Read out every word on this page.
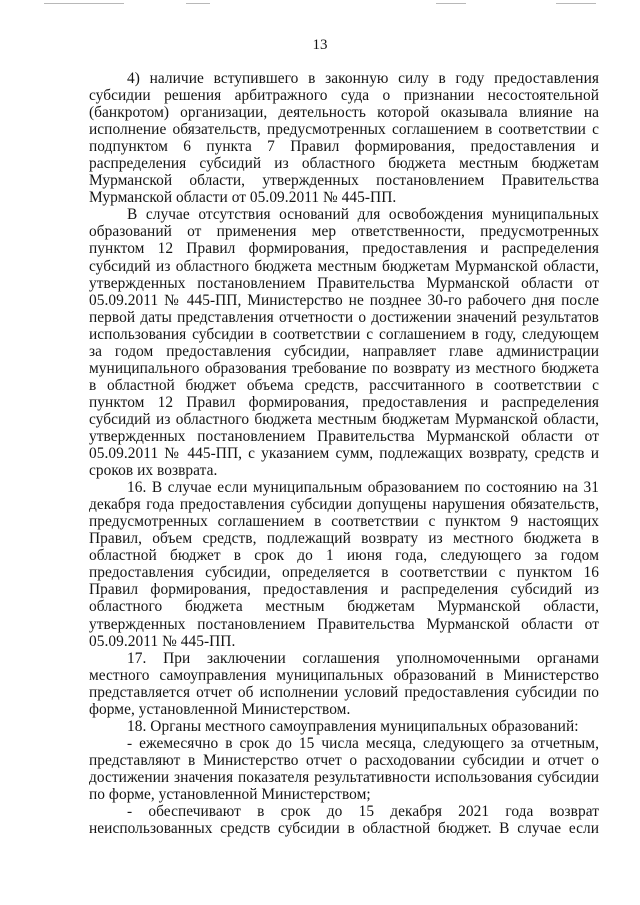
13

4) наличие вступившего в законную силу в году предоставления субсидии решения арбитражного суда о признании несостоятельной (банкротом) организации, деятельность которой оказывала влияние на исполнение обязательств, предусмотренных соглашением в соответствии с подпунктом 6 пункта 7 Правил формирования, предоставления и распределения субсидий из областного бюджета местным бюджетам Мурманской области, утвержденных постановлением Правительства Мурманской области от 05.09.2011 № 445-ПП.

В случае отсутствия оснований для освобождения муниципальных образований от применения мер ответственности, предусмотренных пунктом 12 Правил формирования, предоставления и распределения субсидий из областного бюджета местным бюджетам Мурманской области, утвержденных постановлением Правительства Мурманской области от 05.09.2011 № 445-ПП, Министерство не позднее 30-го рабочего дня после первой даты представления отчетности о достижении значений результатов использования субсидии в соответствии с соглашением в году, следующем за годом предоставления субсидии, направляет главе администрации муниципального образования требование по возврату из местного бюджета в областной бюджет объема средств, рассчитанного в соответствии с пунктом 12 Правил формирования, предоставления и распределения субсидий из областного бюджета местным бюджетам Мурманской области, утвержденных постановлением Правительства Мурманской области от 05.09.2011 № 445-ПП, с указанием сумм, подлежащих возврату, средств и сроков их возврата.

16. В случае если муниципальным образованием по состоянию на 31 декабря года предоставления субсидии допущены нарушения обязательств, предусмотренных соглашением в соответствии с пунктом 9 настоящих Правил, объем средств, подлежащий возврату из местного бюджета в областной бюджет в срок до 1 июня года, следующего за годом предоставления субсидии, определяется в соответствии с пунктом 16 Правил формирования, предоставления и распределения субсидий из областного бюджета местным бюджетам Мурманской области, утвержденных постановлением Правительства Мурманской области от 05.09.2011 № 445-ПП.

17. При заключении соглашения уполномоченными органами местного самоуправления муниципальных образований в Министерство представляется отчет об исполнении условий предоставления субсидии по форме, установленной Министерством.

18. Органы местного самоуправления муниципальных образований:

- ежемесячно в срок до 15 числа месяца, следующего за отчетным, представляют в Министерство отчет о расходовании субсидии и отчет о достижении значения показателя результативности использования субсидии по форме, установленной Министерством;

- обеспечивают в срок до 15 декабря 2021 года возврат неиспользованных средств субсидии в областной бюджет. В случае если
